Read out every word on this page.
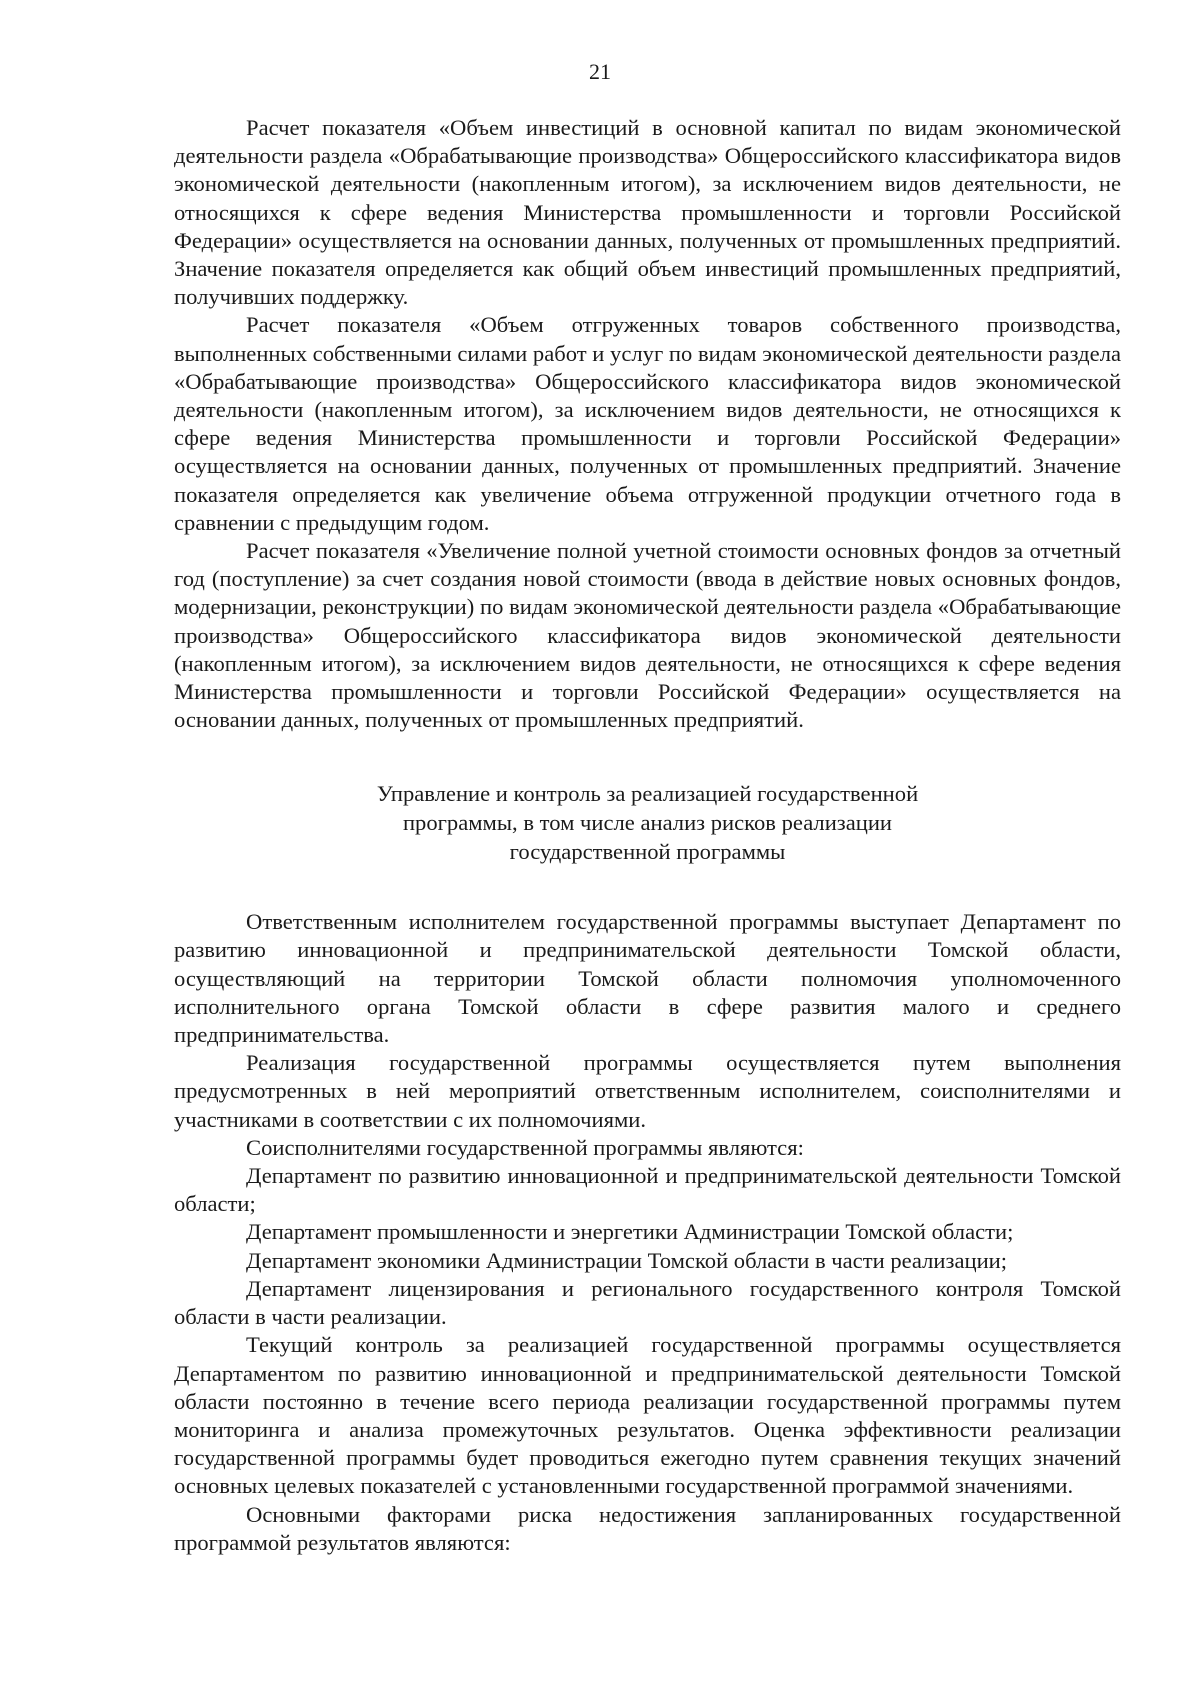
21

Расчет показателя «Объем инвестиций в основной капитал по видам экономической деятельности раздела «Обрабатывающие производства» Общероссийского классификатора видов экономической деятельности (накопленным итогом), за исключением видов деятельности, не относящихся к сфере ведения Министерства промышленности и торговли Российской Федерации» осуществляется на основании данных, полученных от промышленных предприятий. Значение показателя определяется как общий объем инвестиций промышленных предприятий, получивших поддержку.

Расчет показателя «Объем отгруженных товаров собственного производства, выполненных собственными силами работ и услуг по видам экономической деятельности раздела «Обрабатывающие производства» Общероссийского классификатора видов экономической деятельности (накопленным итогом), за исключением видов деятельности, не относящихся к сфере ведения Министерства промышленности и торговли Российской Федерации» осуществляется на основании данных, полученных от промышленных предприятий. Значение показателя определяется как увеличение объема отгруженной продукции отчетного года в сравнении с предыдущим годом.

Расчет показателя «Увеличение полной учетной стоимости основных фондов за отчетный год (поступление) за счет создания новой стоимости (ввода в действие новых основных фондов, модернизации, реконструкции) по видам экономической деятельности раздела «Обрабатывающие производства» Общероссийского классификатора видов экономической деятельности (накопленным итогом), за исключением видов деятельности, не относящихся к сфере ведения Министерства промышленности и торговли Российской Федерации» осуществляется на основании данных, полученных от промышленных предприятий.

Управление и контроль за реализацией государственной
программы, в том числе анализ рисков реализации
государственной программы

Ответственным исполнителем государственной программы выступает Департамент по развитию инновационной и предпринимательской деятельности Томской области, осуществляющий на территории Томской области полномочия уполномоченного исполнительного органа Томской области в сфере развития малого и среднего предпринимательства.

Реализация государственной программы осуществляется путем выполнения предусмотренных в ней мероприятий ответственным исполнителем, соисполнителями и участниками в соответствии с их полномочиями.

Соисполнителями государственной программы являются:

Департамент по развитию инновационной и предпринимательской деятельности Томской области;

Департамент промышленности и энергетики Администрации Томской области;

Департамент экономики Администрации Томской области в части реализации;

Департамент лицензирования и регионального государственного контроля Томской области в части реализации.

Текущий контроль за реализацией государственной программы осуществляется Департаментом по развитию инновационной и предпринимательской деятельности Томской области постоянно в течение всего периода реализации государственной программы путем мониторинга и анализа промежуточных результатов. Оценка эффективности реализации государственной программы будет проводиться ежегодно путем сравнения текущих значений основных целевых показателей с установленными государственной программой значениями.

Основными факторами риска недостижения запланированных государственной программой результатов являются:
